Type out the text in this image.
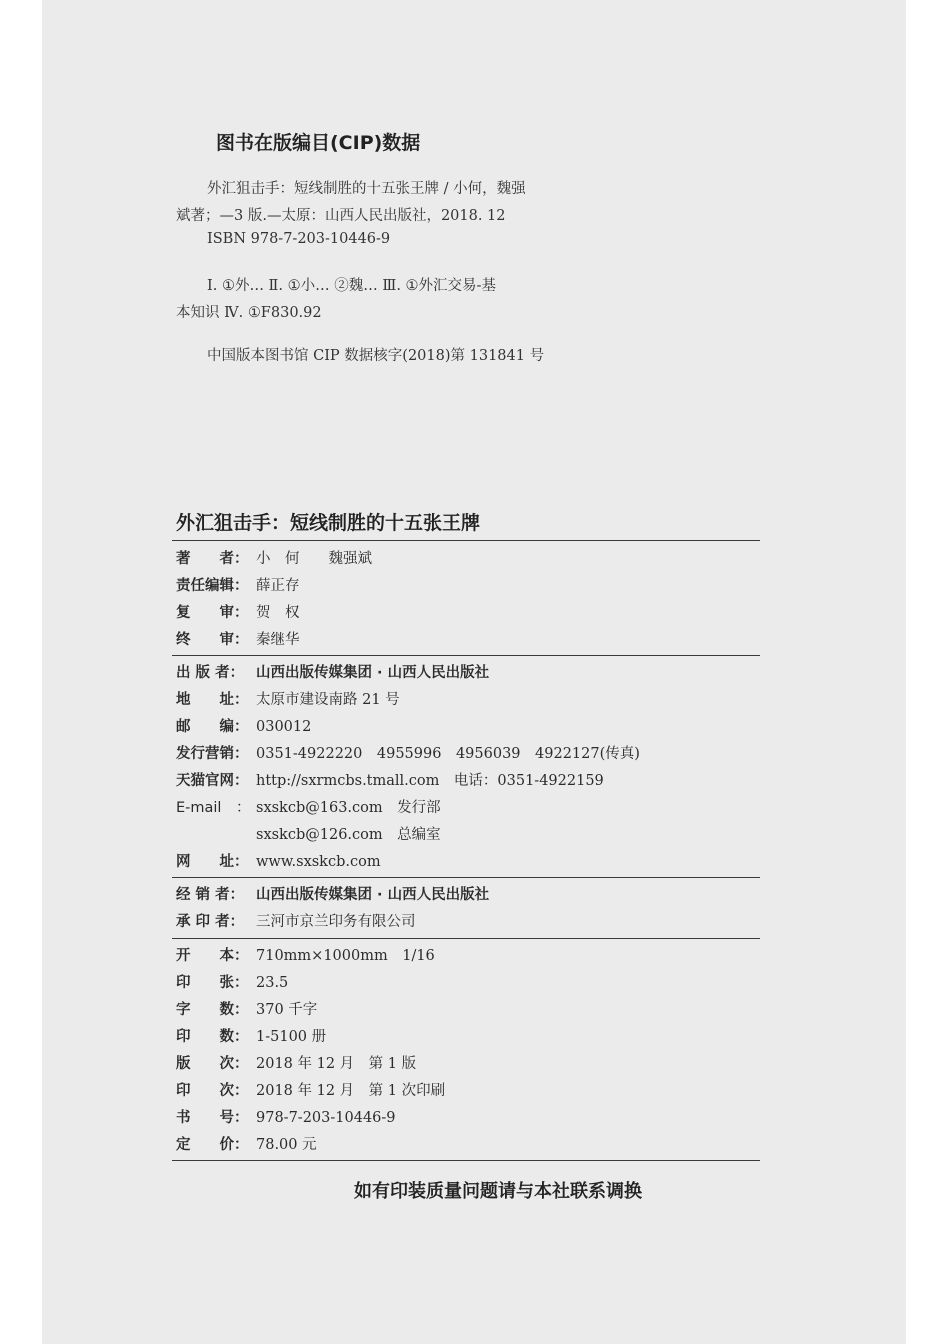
图书在版编目(CIP)数据
外汇狙击手：短线制胜的十五张王牌 / 小何，魏强
斌著；—3 版.—太原：山西人民出版社，2018. 12
ISBN 978-7-203-10446-9
Ⅰ. ①外… Ⅱ. ①小… ②魏… Ⅲ. ①外汇交易-基
本知识 Ⅳ. ①F830.92
中国版本图书馆 CIP 数据核字(2018)第 131841 号
外汇狙击手：短线制胜的十五张王牌
著　　者： 小　何　　魏强斌
责任编辑： 薛正存
复　　审： 贺　权
终　　审： 秦继华
出 版 者： 山西出版传媒集团 · 山西人民出版社
地　　址： 太原市建设南路 21 号
邮　　编： 030012
发行营销： 0351-4922220　4955996　4956039　4922127(传真)
天猫官网： http://sxrmcbs.tmall.com　电话：0351-4922159
E-mail　： sxskcb@163.com　发行部
sxskcb@126.com　总编室
网　　址： www.sxskcb.com
经 销 者： 山西出版传媒集团 · 山西人民出版社
承 印 者： 三河市京兰印务有限公司
开　　本： 710mm×1000mm　1/16
印　　张： 23.5
字　　数： 370 千字
印　　数： 1-5100 册
版　　次： 2018 年 12 月　第 1 版
印　　次： 2018 年 12 月　第 1 次印刷
书　　号： 978-7-203-10446-9
定　　价： 78.00 元
如有印装质量问题请与本社联系调换
